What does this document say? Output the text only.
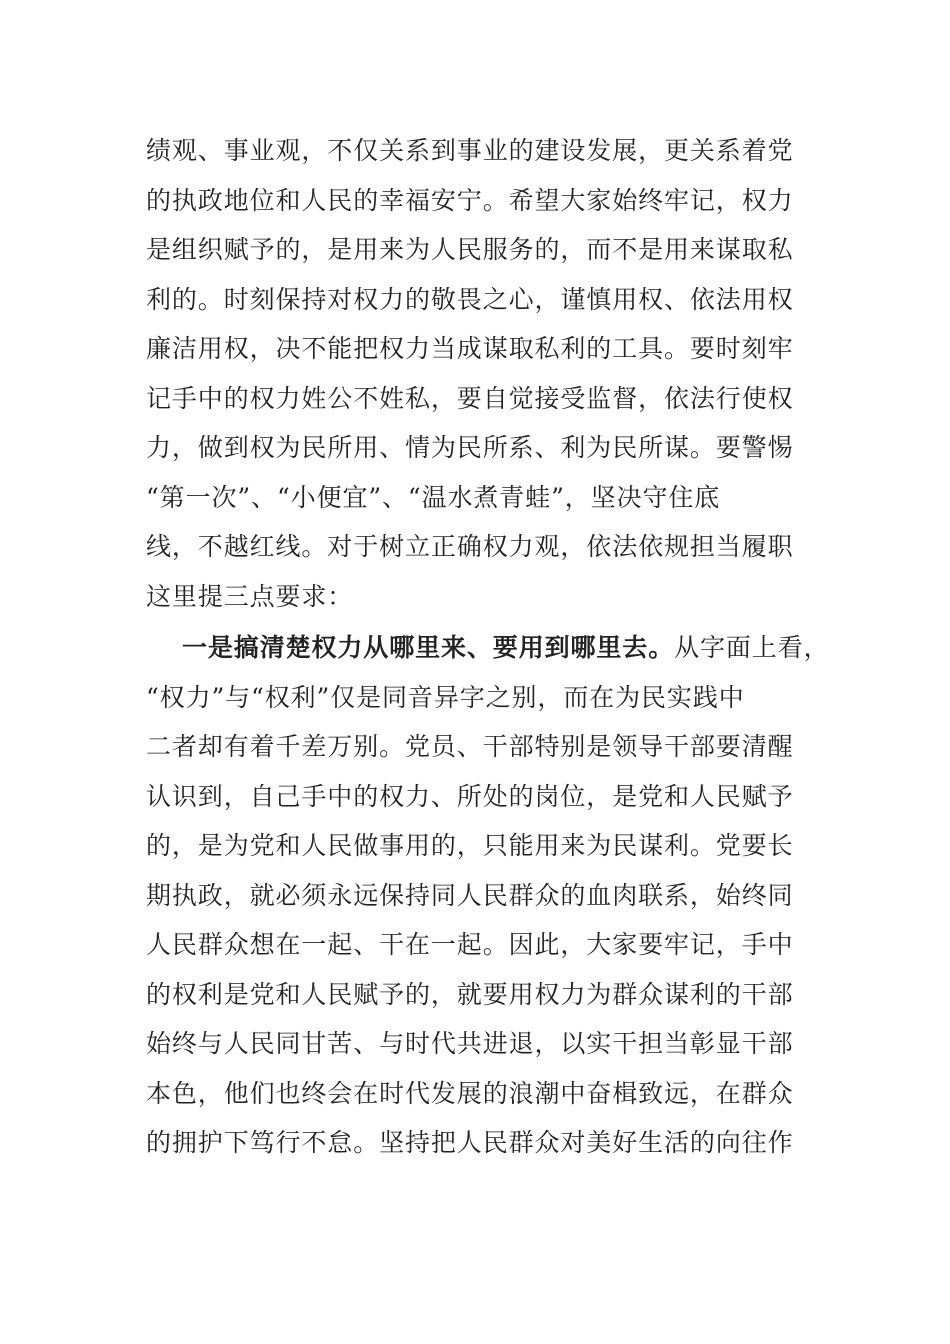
绩观、事业观，不仅关系到事业的建设发展，更关系着党
的执政地位和人民的幸福安宁。希望大家始终牢记，权力
是组织赋予的，是用来为人民服务的，而不是用来谋取私
利的。时刻保持对权力的敬畏之心，谨慎用权、依法用权
廉洁用权，决不能把权力当成谋取私利的工具。要时刻牢
记手中的权力姓公不姓私，要自觉接受监督，依法行使权
力，做到权为民所用、情为民所系、利为民所谋。要警惕
“第一次”、“小便宜”、“温水煮青蛙”，坚决守住底
线，不越红线。对于树立正确权力观，依法依规担当履职
这里提三点要求：
一是搞清楚权力从哪里来、要用到哪里去。从字面上看，
“权力”与“权利”仅是同音异字之别，而在为民实践中
二者却有着千差万别。党员、干部特别是领导干部要清醒
认识到，自己手中的权力、所处的岗位，是党和人民赋予
的，是为党和人民做事用的，只能用来为民谋利。党要长
期执政，就必须永远保持同人民群众的血肉联系，始终同
人民群众想在一起、干在一起。因此，大家要牢记，手中
的权利是党和人民赋予的，就要用权力为群众谋利的干部
始终与人民同甘苦、与时代共进退，以实干担当彰显干部
本色，他们也终会在时代发展的浪潮中奋楫致远，在群众
的拥护下笃行不怠。坚持把人民群众对美好生活的向往作
